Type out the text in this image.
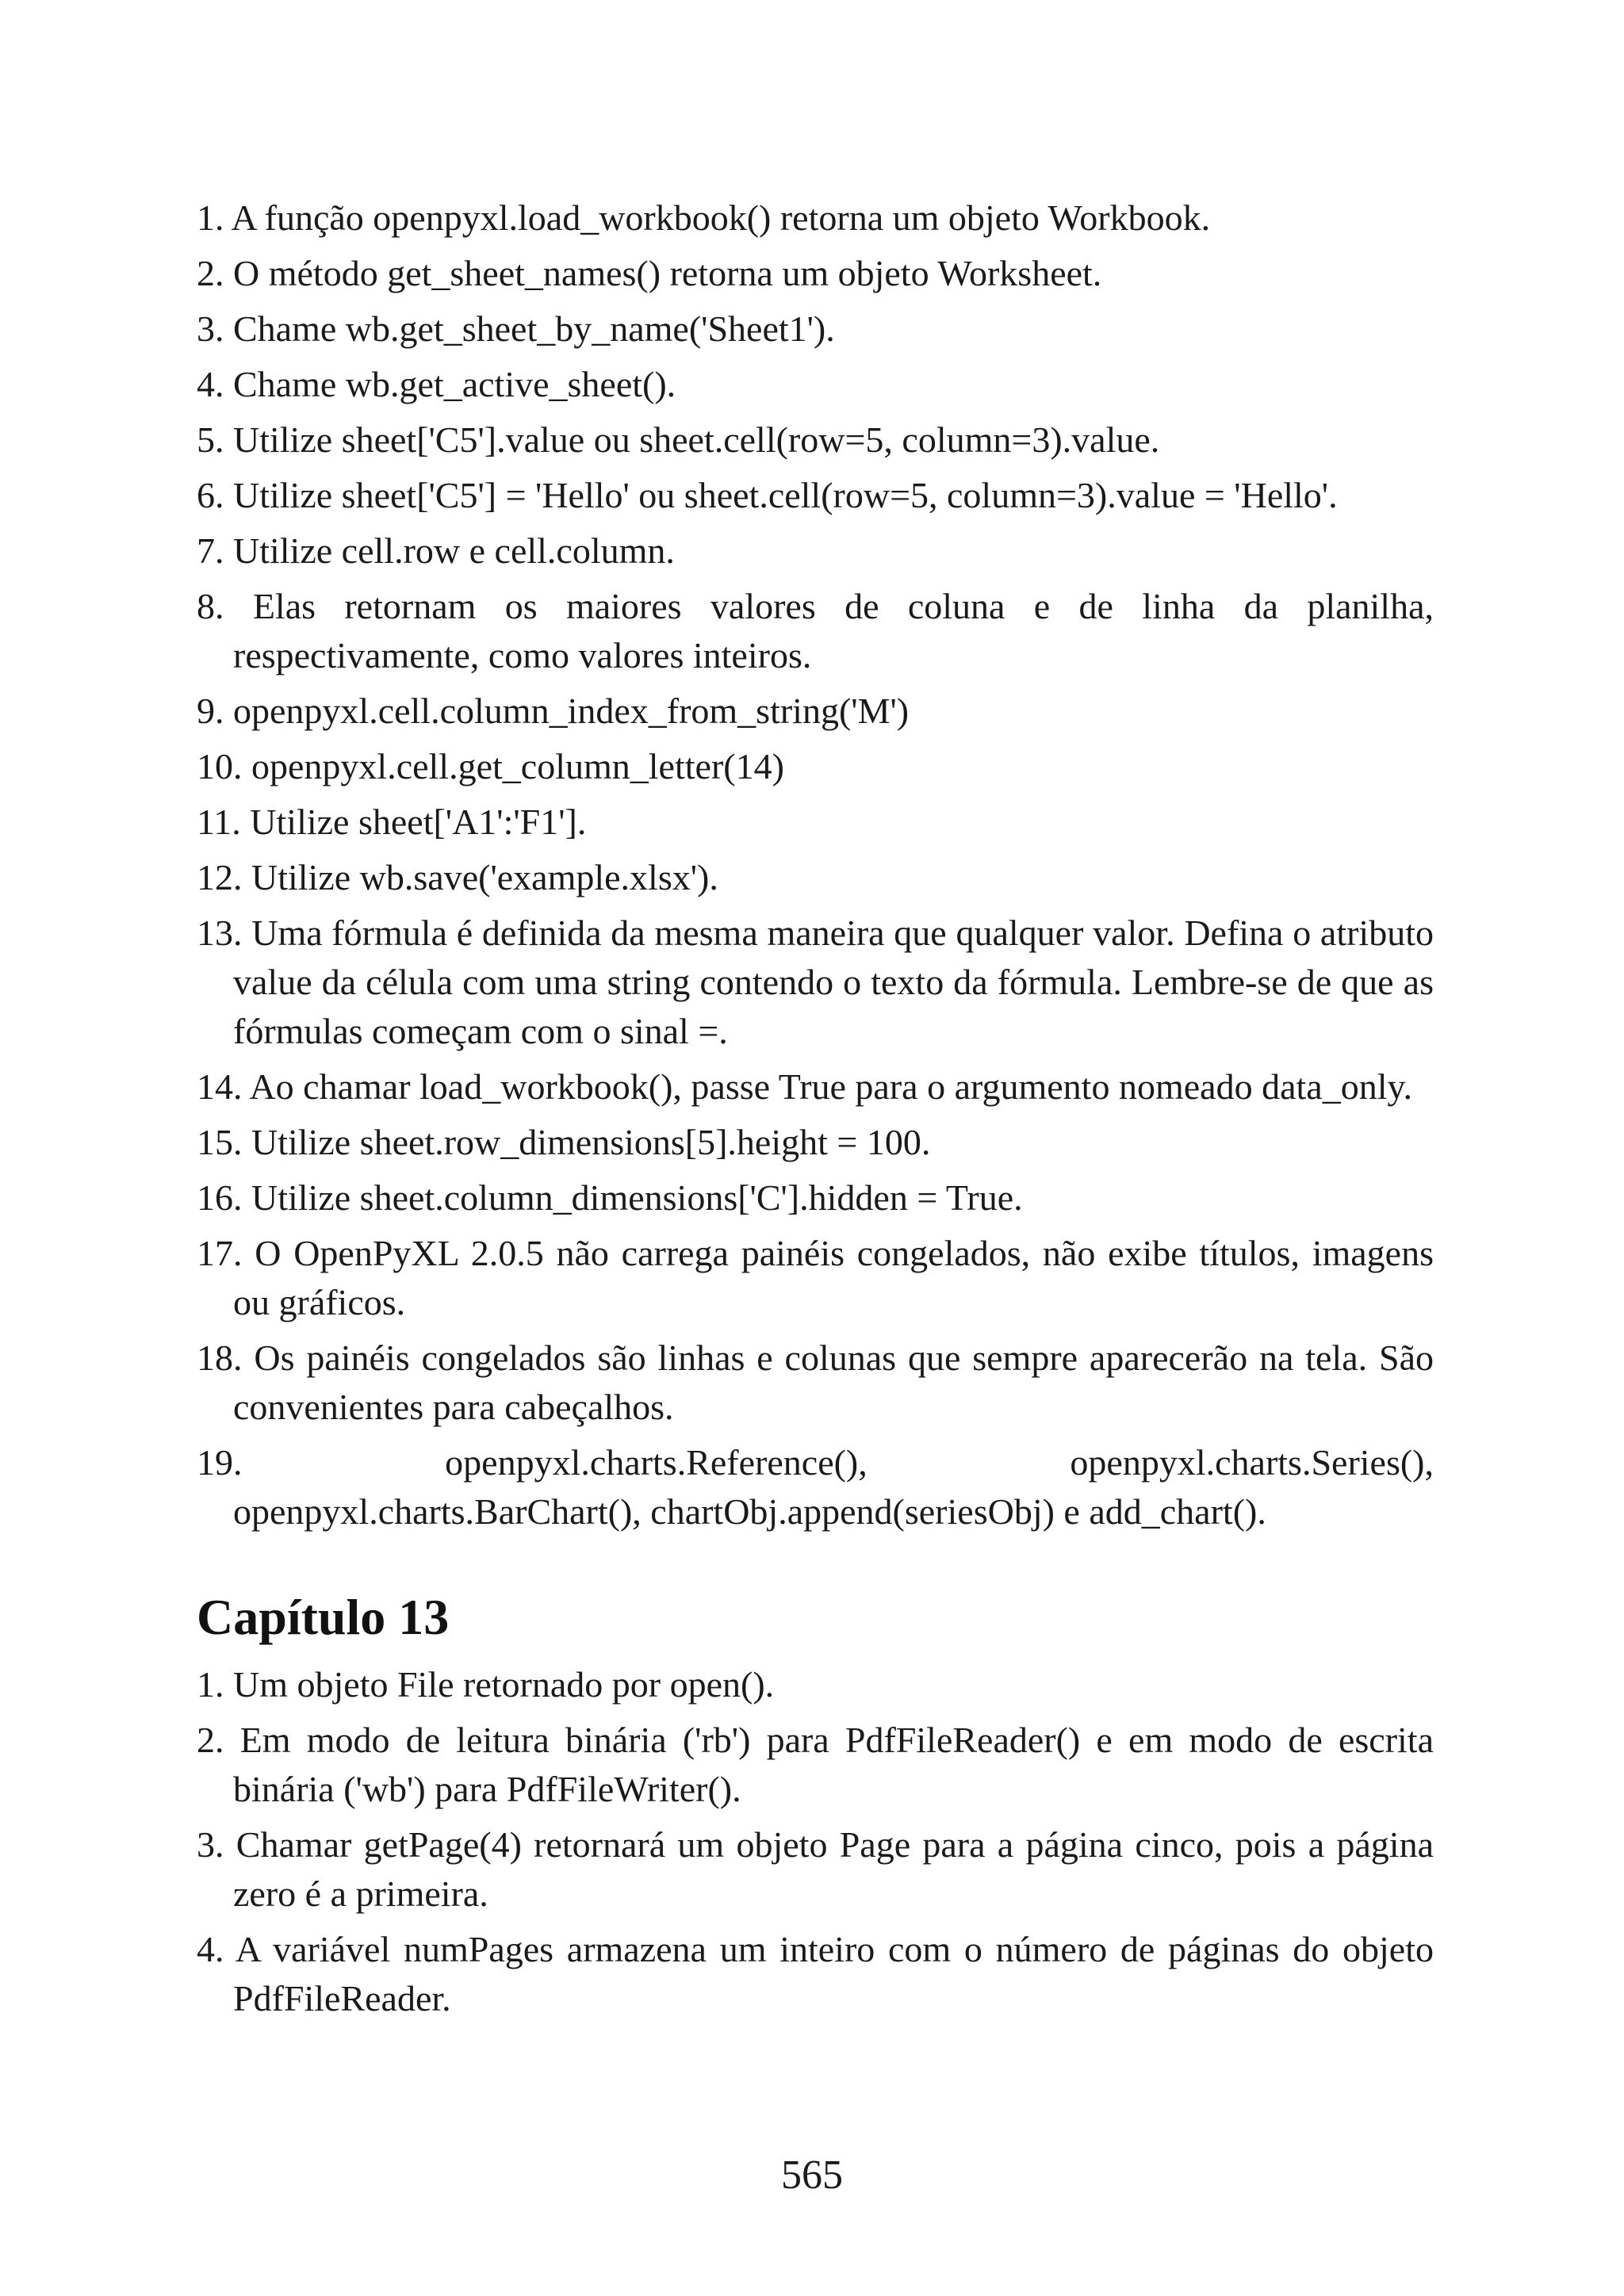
1. A função openpyxl.load_workbook() retorna um objeto Workbook.
2. O método get_sheet_names() retorna um objeto Worksheet.
3. Chame wb.get_sheet_by_name('Sheet1').
4. Chame wb.get_active_sheet().
5. Utilize sheet['C5'].value ou sheet.cell(row=5, column=3).value.
6. Utilize sheet['C5'] = 'Hello' ou sheet.cell(row=5, column=3).value = 'Hello'.
7. Utilize cell.row e cell.column.
8. Elas retornam os maiores valores de coluna e de linha da planilha, respectivamente, como valores inteiros.
9. openpyxl.cell.column_index_from_string('M')
10. openpyxl.cell.get_column_letter(14)
11. Utilize sheet['A1':'F1'].
12. Utilize wb.save('example.xlsx').
13. Uma fórmula é definida da mesma maneira que qualquer valor. Defina o atributo value da célula com uma string contendo o texto da fórmula. Lembre-se de que as fórmulas começam com o sinal =.
14. Ao chamar load_workbook(), passe True para o argumento nomeado data_only.
15. Utilize sheet.row_dimensions[5].height = 100.
16. Utilize sheet.column_dimensions['C'].hidden = True.
17. O OpenPyXL 2.0.5 não carrega painéis congelados, não exibe títulos, imagens ou gráficos.
18. Os painéis congelados são linhas e colunas que sempre aparecerão na tela. São convenientes para cabeçalhos.
19. openpyxl.charts.Reference(), openpyxl.charts.Series(), openpyxl.charts.BarChart(), chartObj.append(seriesObj) e add_chart().
Capítulo 13
1. Um objeto File retornado por open().
2. Em modo de leitura binária ('rb') para PdfFileReader() e em modo de escrita binária ('wb') para PdfFileWriter().
3. Chamar getPage(4) retornará um objeto Page para a página cinco, pois a página zero é a primeira.
4. A variável numPages armazena um inteiro com o número de páginas do objeto PdfFileReader.
565
